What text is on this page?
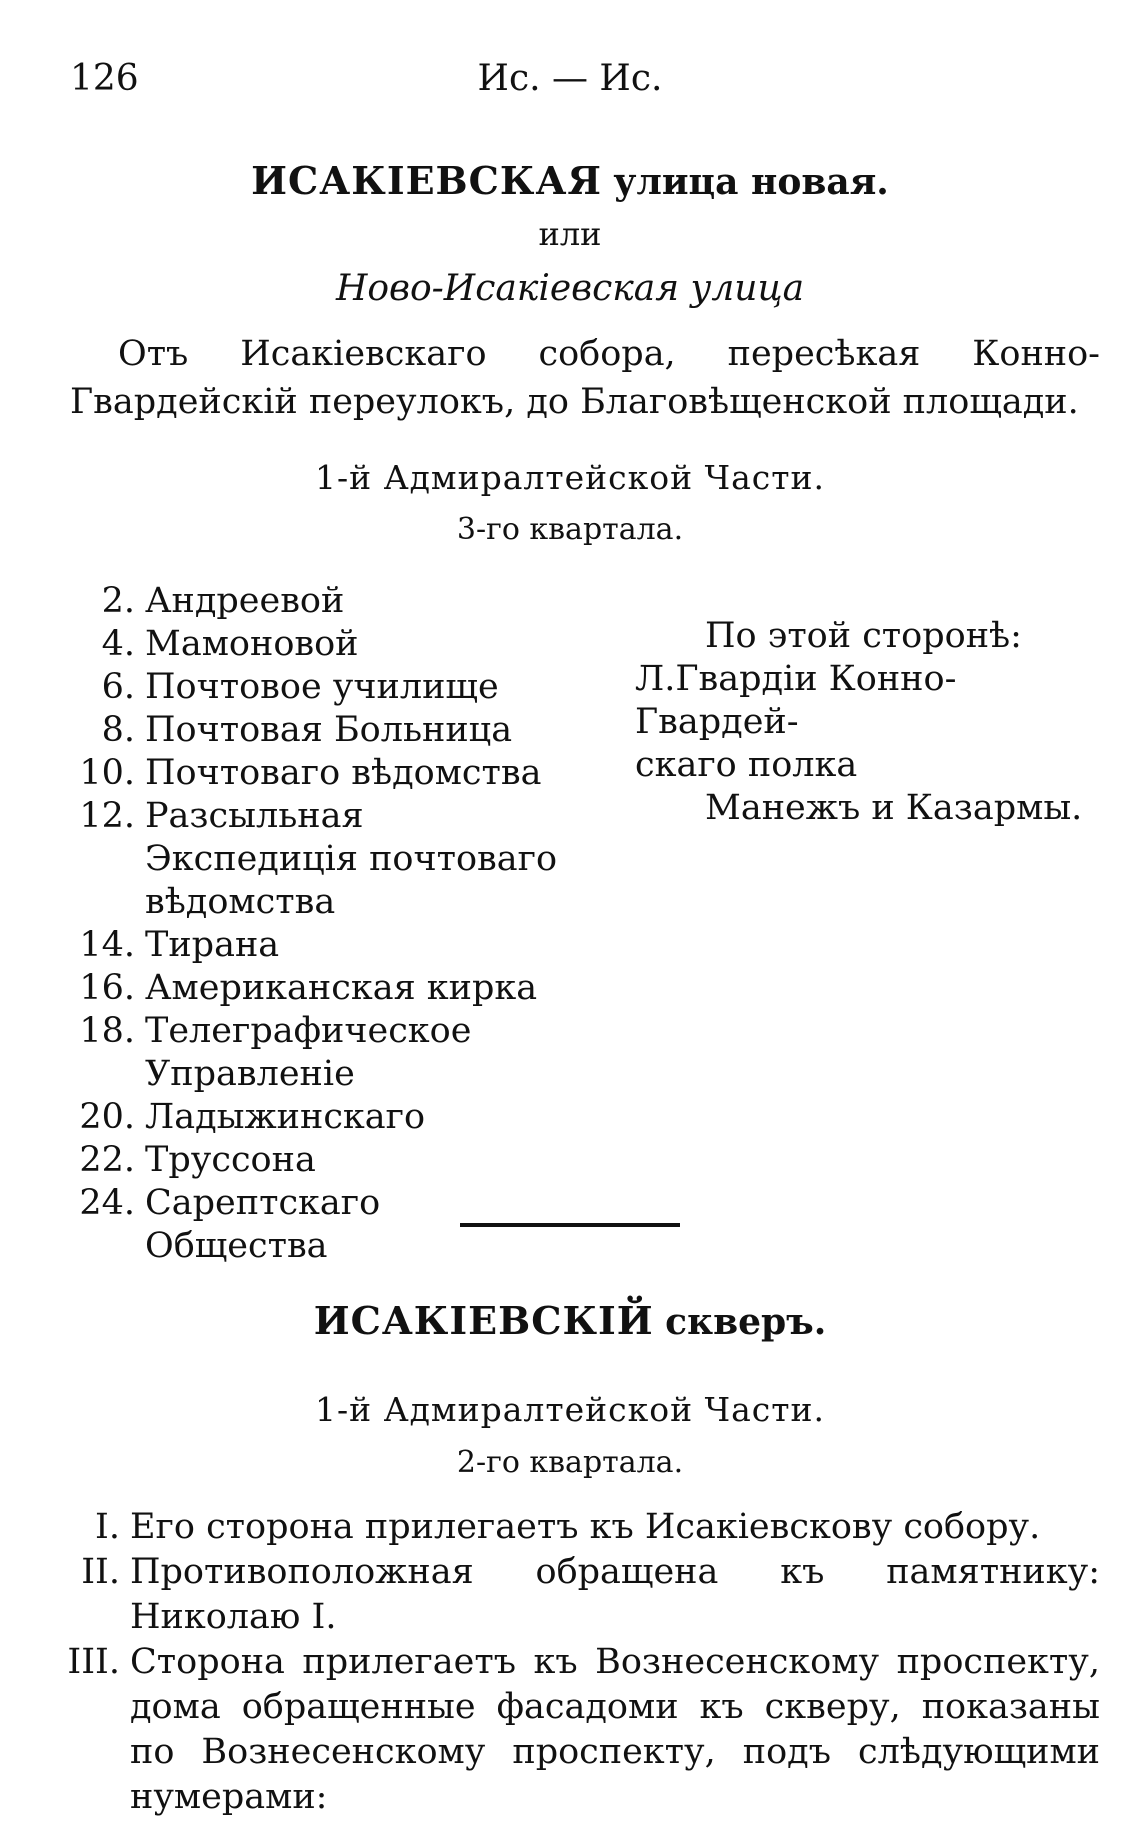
126	Ис. — Ис.
ИСАКІЕВСКАЯ улица новая.
или
Ново-Исакіевская улица
Отъ Исакіевскаго собора, пересѣкая Конно-Гвардейскій переулокъ, до Благовѣщенской площади.
1-й Адмиралтейской Части.
3-го квартала.
2. Андреевой
4. Мамоновой
6. Почтовое училище
8. Почтовая Больница
10. Почтоваго вѣдомства
12. Разсыльная Экспедиція почтоваго вѣдомства
14. Тирана
16. Американская кирка
18. Телеграфическое Управленіе
20. Ладыжинскаго
22. Труссона
24. Сарептскаго Общества
По этой сторонѣ:
Л.Гвардіи Конно-Гвардей-
скаго полка
Манежъ и Казармы.
ИСАКІЕВСКІЙ скверъ.
1-й Адмиралтейской Части.
2-го квартала.
I. Его сторона прилегаетъ къ Исакіевскову собору.
II. Противоположная обращена къ памятнику: Николаю I.
III. Сторона прилегаетъ къ Вознесенскому проспекту, дома обращенные фасадоми къ скверу, показаны по Вознесенскому проспекту, подъ слѣдующими нумерами:
